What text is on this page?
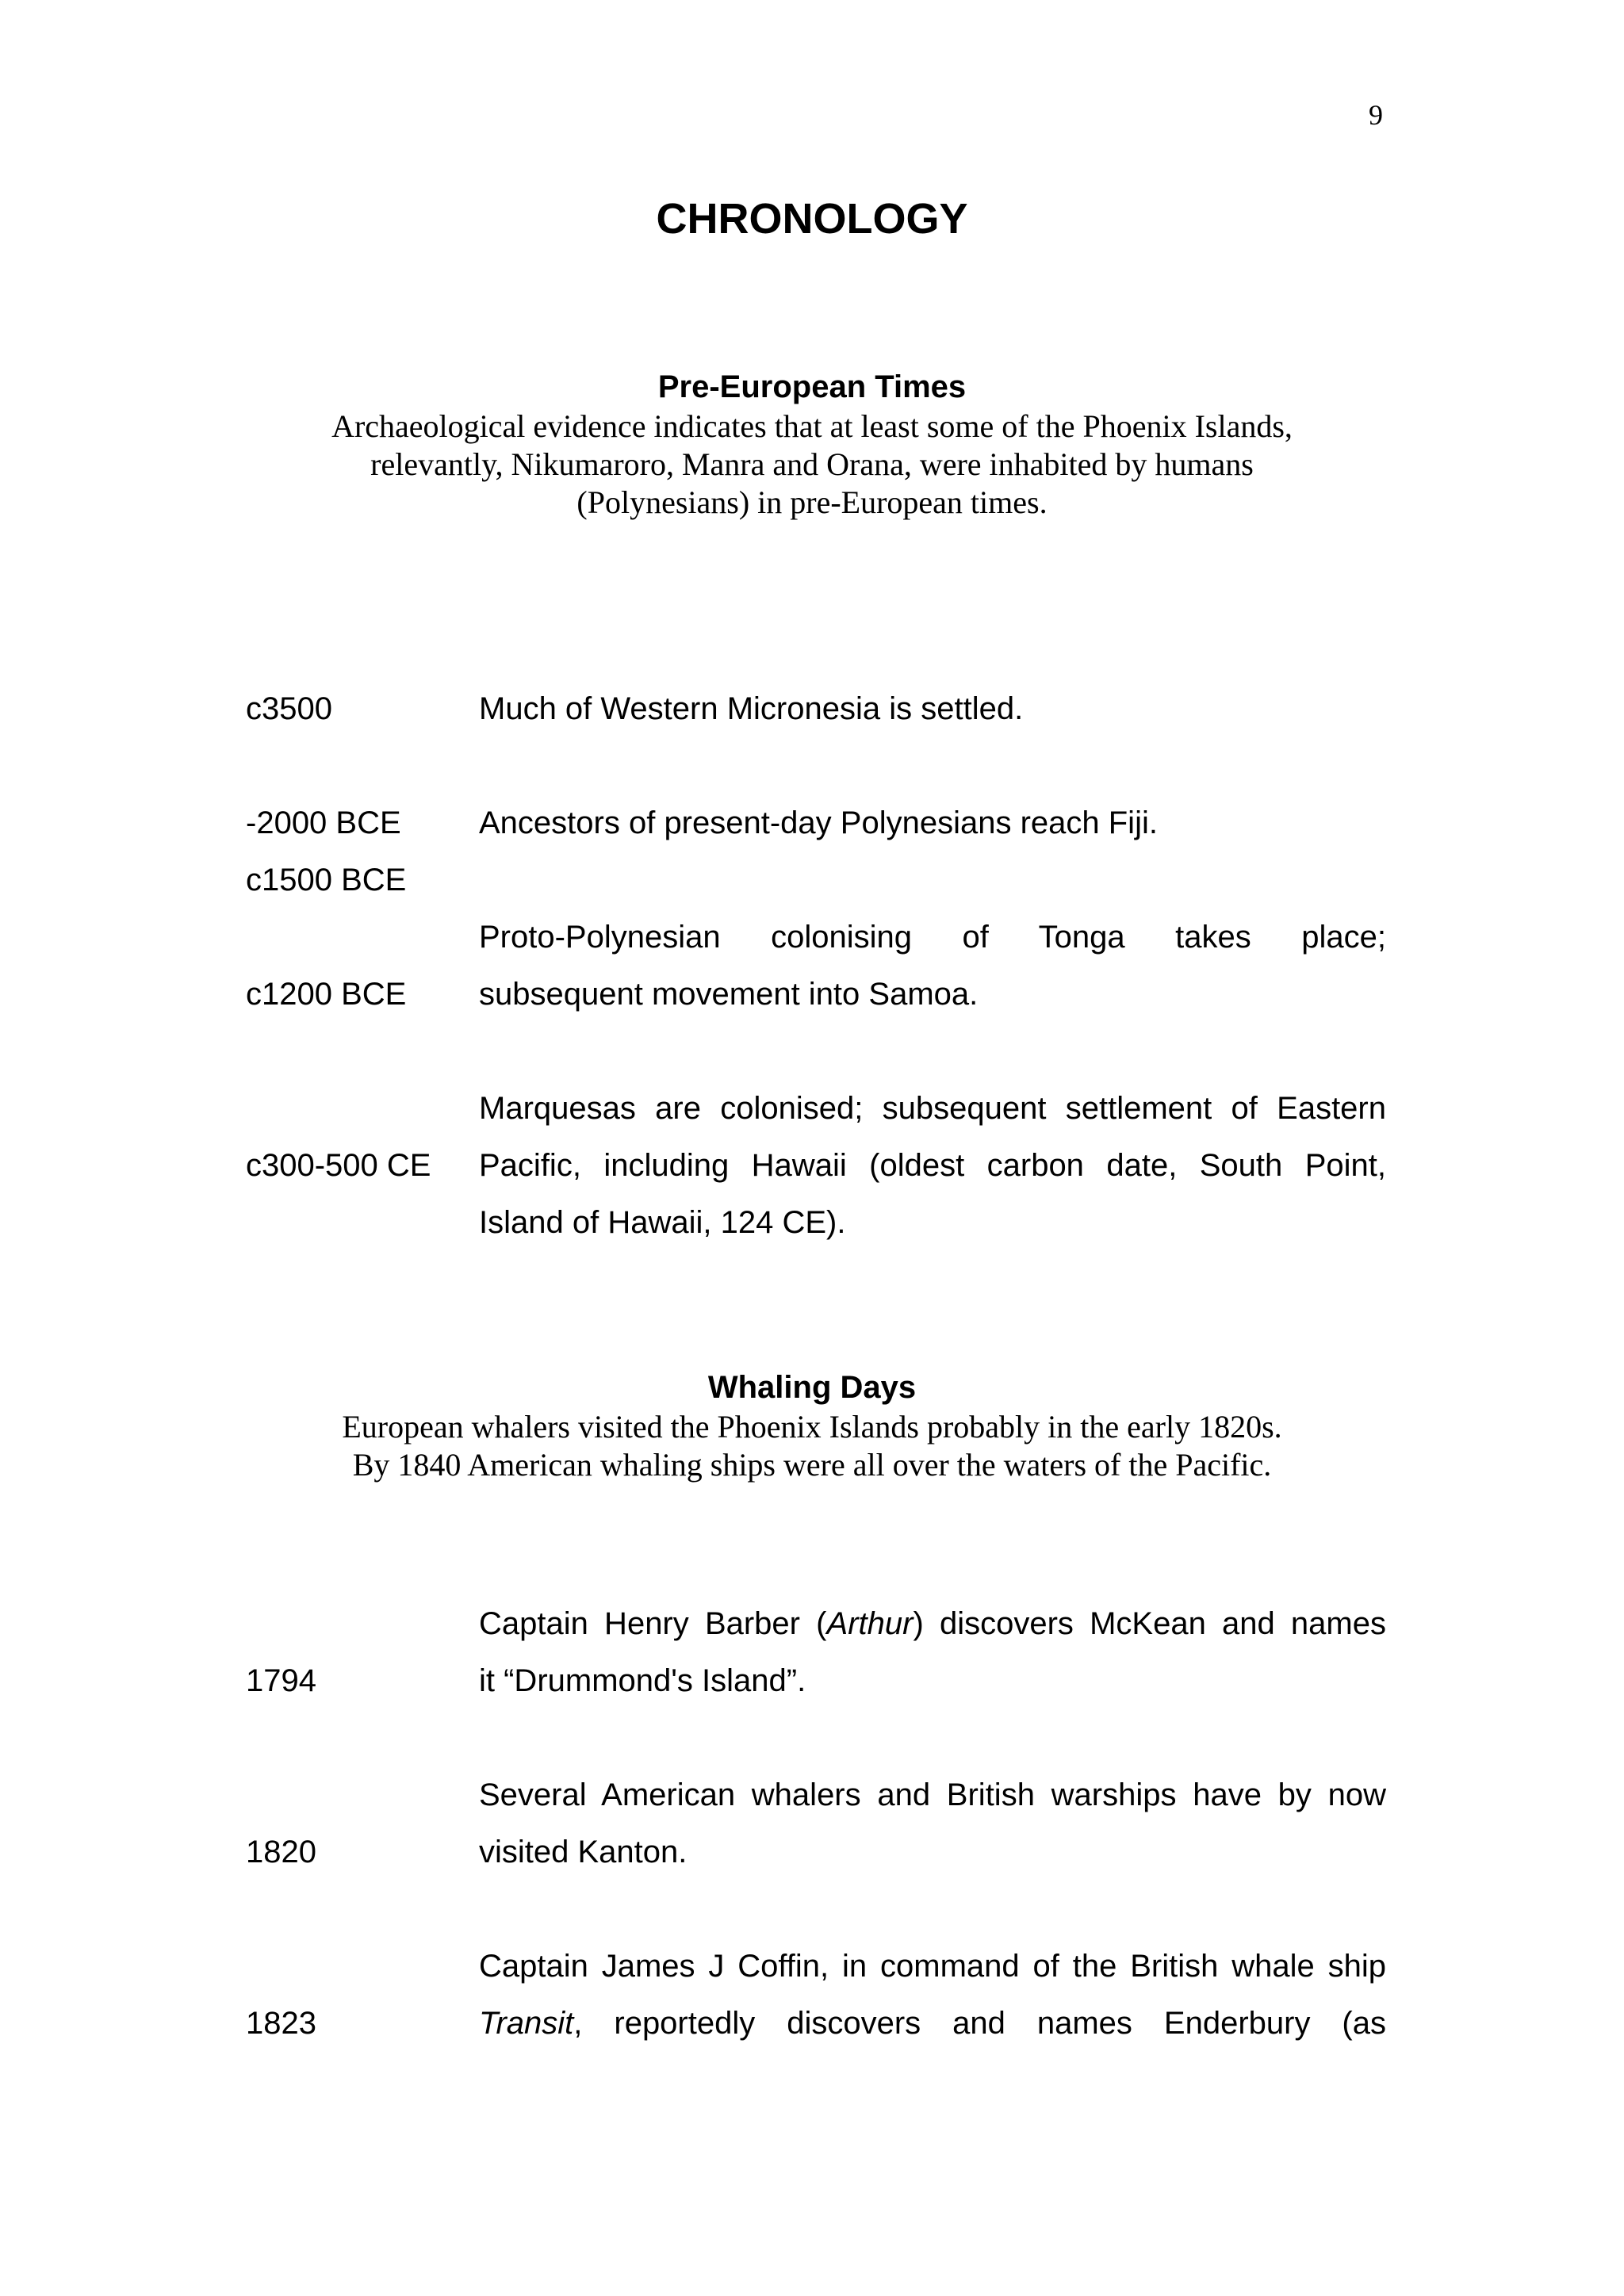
9
CHRONOLOGY

Pre-European Times

Archaeological evidence indicates that at least some of the Phoenix Islands,
relevantly, Nikumaroro, Manra and Orana, were inhabited by humans
(Polynesians) in pre-European times.

c3500

-2000 BCE

Much of Western Micronesia is settled.

c1500 BCE

Ancestors of present-day Polynesians reach Fiji.

c1200 BCE

Proto-Polynesian colonising of Tonga takes place;
subsequent movement into Samoa.

c300-500 CE

Marquesas are colonised; subsequent settlement of Eastern
Pacific, including Hawaii (oldest carbon date, South Point,
Island of Hawaii, 124 CE).

Whaling Days

European whalers visited the Phoenix Islands probably in the early 1820s.
By 1840 American whaling ships were all over the waters of the Pacific.

1794

Captain Henry Barber (Arthur) discovers McKean and names
it “Drummond's Island”.

1820

Several American whalers and British warships have by now
visited Kanton.

1823

Captain James J Coffin, in command of the British whale ship
Transit, reportedly discovers and names Enderbury (as
